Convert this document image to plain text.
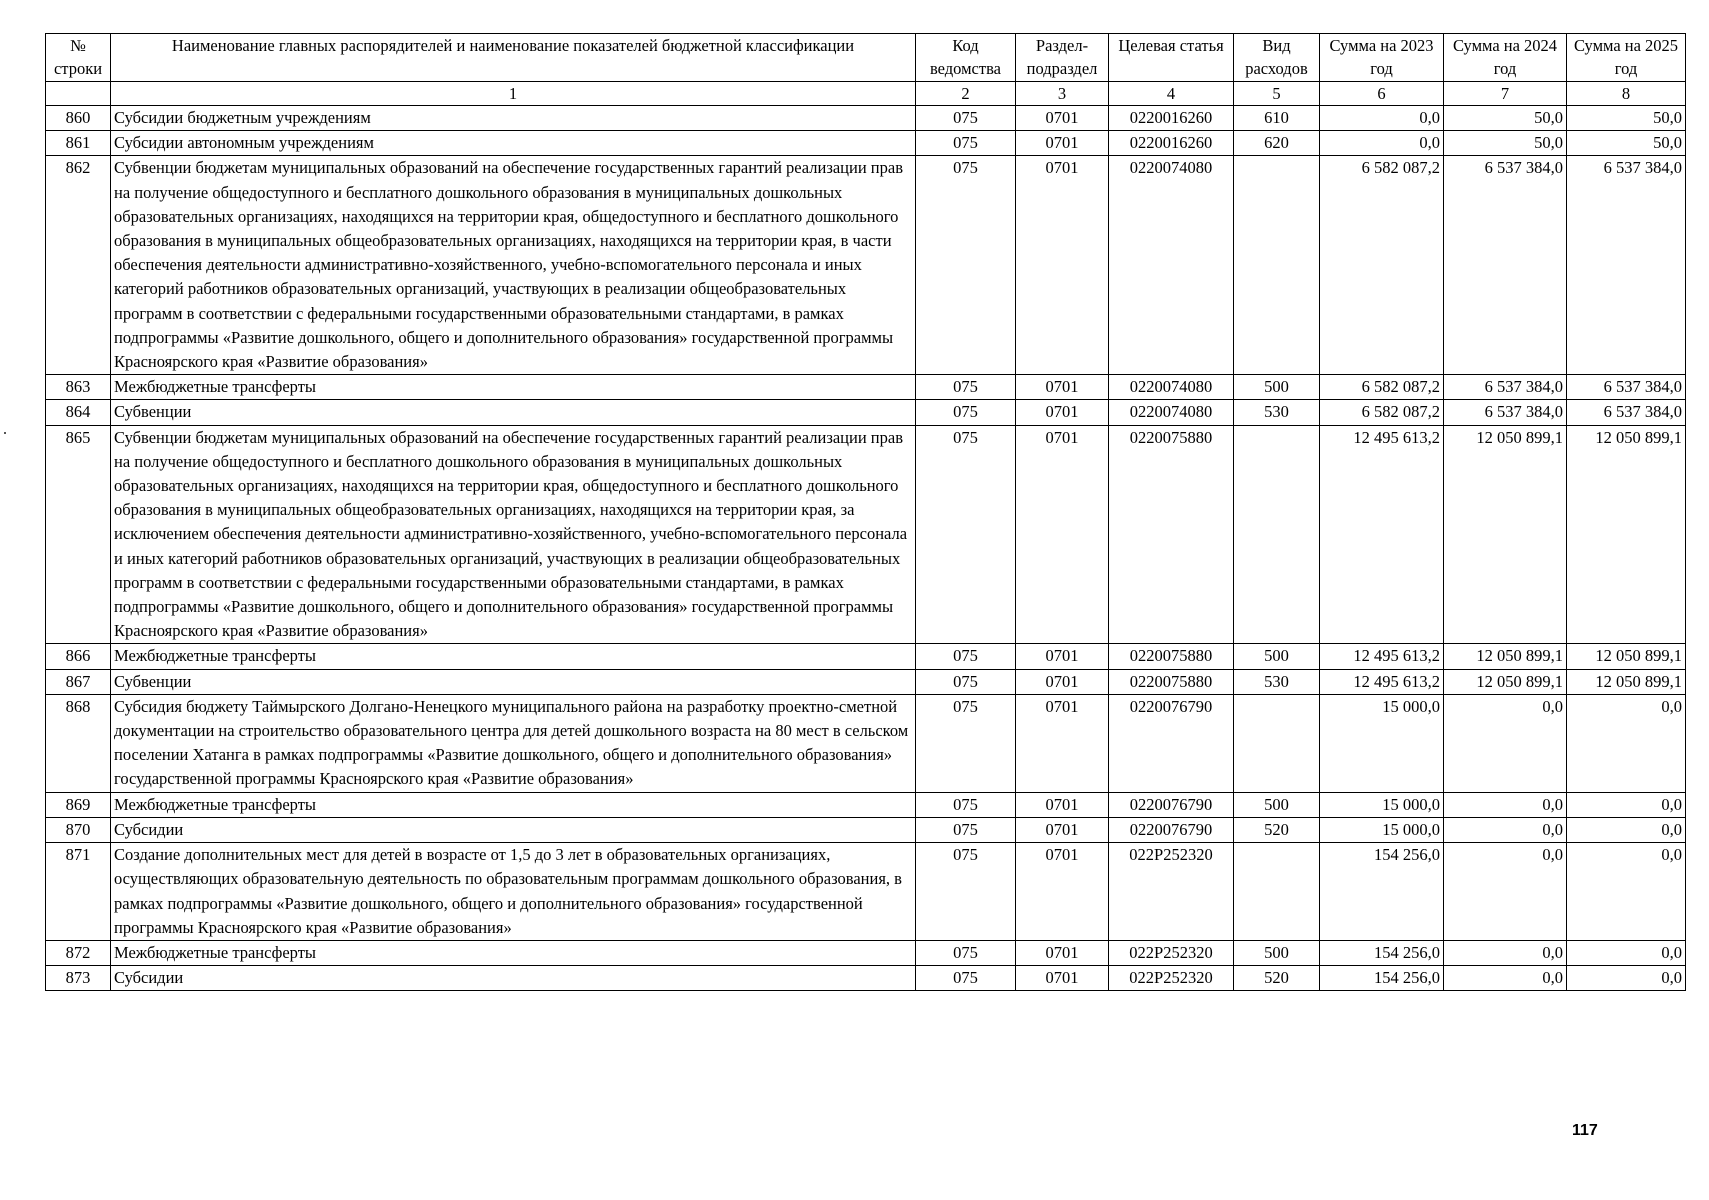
№ строки	Наименование главных распорядителей и наименование показателей бюджетной классификации	Код ведомства	Раздел-подраздел	Целевая статья	Вид расходов	Сумма на 2023 год	Сумма на 2024 год	Сумма на 2025 год
	1	2	3	4	5	6	7	8
860	Субсидии бюджетным учреждениям	075	0701	0220016260	610	0,0	50,0	50,0
861	Субсидии автономным учреждениям	075	0701	0220016260	620	0,0	50,0	50,0
862	Субвенции бюджетам муниципальных образований на обеспечение государственных гарантий реализации прав на получение общедоступного и бесплатного дошкольного образования в муниципальных дошкольных образовательных организациях, находящихся на территории края, общедоступного и бесплатного дошкольного образования в муниципальных общеобразовательных организациях, находящихся на территории края, в части обеспечения деятельности административно-хозяйственного, учебно-вспомогательного персонала и иных категорий работников образовательных организаций, участвующих в реализации общеобразовательных программ в соответствии с федеральными государственными образовательными стандартами, в рамках подпрограммы «Развитие дошкольного, общего и дополнительного образования» государственной программы Красноярского края «Развитие образования»	075	0701	0220074080		6 582 087,2	6 537 384,0	6 537 384,0
863	Межбюджетные трансферты	075	0701	0220074080	500	6 582 087,2	6 537 384,0	6 537 384,0
864	Субвенции	075	0701	0220074080	530	6 582 087,2	6 537 384,0	6 537 384,0
865	Субвенции бюджетам муниципальных образований на обеспечение государственных гарантий реализации прав на получение общедоступного и бесплатного дошкольного образования в муниципальных дошкольных образовательных организациях, находящихся на территории края, общедоступного и бесплатного дошкольного образования в муниципальных общеобразовательных организациях, находящихся на территории края, за исключением обеспечения деятельности административно-хозяйственного, учебно-вспомогательного персонала и иных категорий работников образовательных организаций, участвующих в реализации общеобразовательных программ в соответствии с федеральными государственными образовательными стандартами, в рамках подпрограммы «Развитие дошкольного, общего и дополнительного образования» государственной программы Красноярского края «Развитие образования»	075	0701	0220075880		12 495 613,2	12 050 899,1	12 050 899,1
866	Межбюджетные трансферты	075	0701	0220075880	500	12 495 613,2	12 050 899,1	12 050 899,1
867	Субвенции	075	0701	0220075880	530	12 495 613,2	12 050 899,1	12 050 899,1
868	Субсидия бюджету Таймырского Долгано-Ненецкого муниципального района на разработку проектно-сметной документации на строительство образовательного центра для детей дошкольного возраста на 80 мест в сельском поселении Хатанга в рамках подпрограммы «Развитие дошкольного, общего и дополнительного образования» государственной программы Красноярского края «Развитие образования»	075	0701	0220076790		15 000,0	0,0	0,0
869	Межбюджетные трансферты	075	0701	0220076790	500	15 000,0	0,0	0,0
870	Субсидии	075	0701	0220076790	520	15 000,0	0,0	0,0
871	Создание дополнительных мест для детей в возрасте от 1,5 до 3 лет в образовательных организациях, осуществляющих образовательную деятельность по образовательным программам дошкольного образования, в рамках подпрограммы «Развитие дошкольного, общего и дополнительного образования» государственной программы Красноярского края «Развитие образования»	075	0701	022P252320		154 256,0	0,0	0,0
872	Межбюджетные трансферты	075	0701	022P252320	500	154 256,0	0,0	0,0
873	Субсидии	075	0701	022P252320	520	154 256,0	0,0	0,0
117
